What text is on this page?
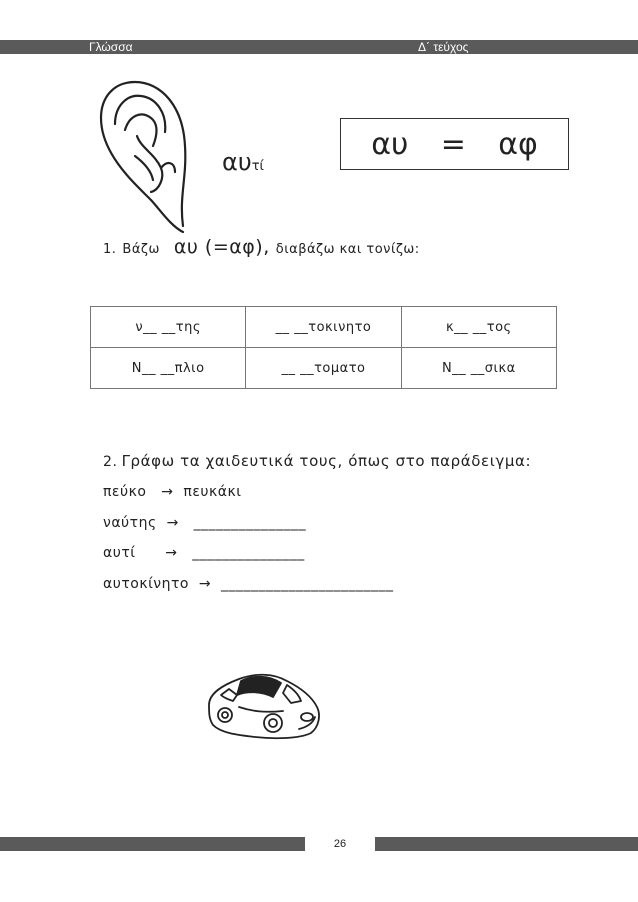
Γλώσσα	Δ΄ τεύχος
αυτί
αυ = αφ
1. Βάζω αυ (=αφ), διαβάζω και τονίζω:
ν__ __της	__ __τοκινητο	κ__ __τος
Ν__ __πλιο	__ __τοματο	Ν__ __σικα
2. Γράφω τα χαιδευτικά τους, όπως στο παράδειγμα:
πεύκο   →  πευκάκι
ναύτης  →   _______________
αυτί      →   _______________
αυτοκίνητο  →  _______________________
26
